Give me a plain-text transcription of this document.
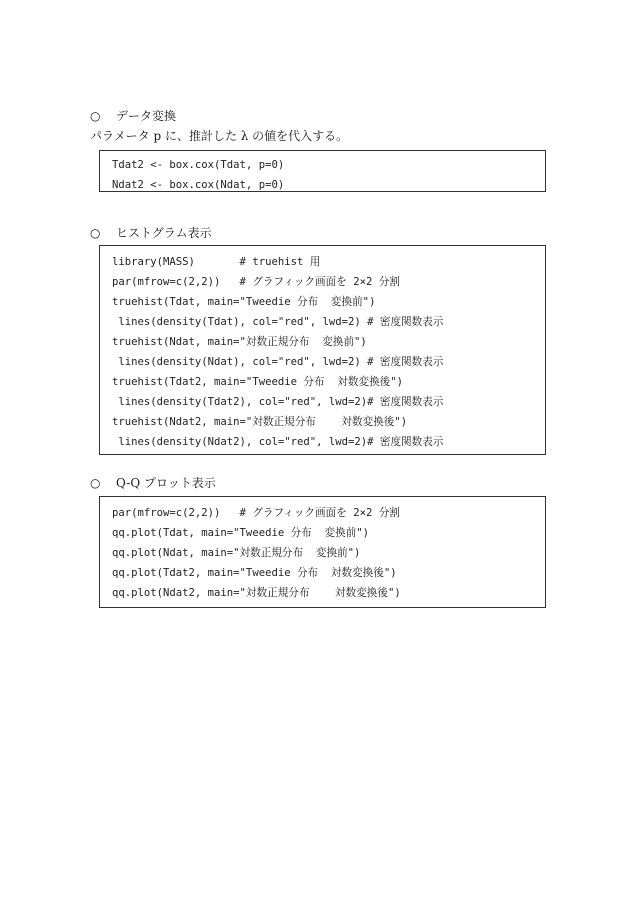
○ データ変換
パラメータ p に、推計した λ の値を代入する。
Tdat2 <- box.cox(Tdat, p=0)
Ndat2 <- box.cox(Ndat, p=0)
○ ヒストグラム表示
library(MASS)       # truehist 用
par(mfrow=c(2,2))   # グラフィック画面を 2×2 分割
truehist(Tdat, main="Tweedie 分布  変換前")
lines(density(Tdat), col="red", lwd=2) # 密度関数表示
truehist(Ndat, main="対数正規分布  変換前")
lines(density(Ndat), col="red", lwd=2) # 密度関数表示
truehist(Tdat2, main="Tweedie 分布  対数変換後")
lines(density(Tdat2), col="red", lwd=2)# 密度関数表示
truehist(Ndat2, main="対数正規分布    対数変換後")
lines(density(Ndat2), col="red", lwd=2)# 密度関数表示
○ Q-Q プロット表示
par(mfrow=c(2,2))   # グラフィック画面を 2×2 分割
qq.plot(Tdat, main="Tweedie 分布  変換前")
qq.plot(Ndat, main="対数正規分布  変換前")
qq.plot(Tdat2, main="Tweedie 分布  対数変換後")
qq.plot(Ndat2, main="対数正規分布    対数変換後")
